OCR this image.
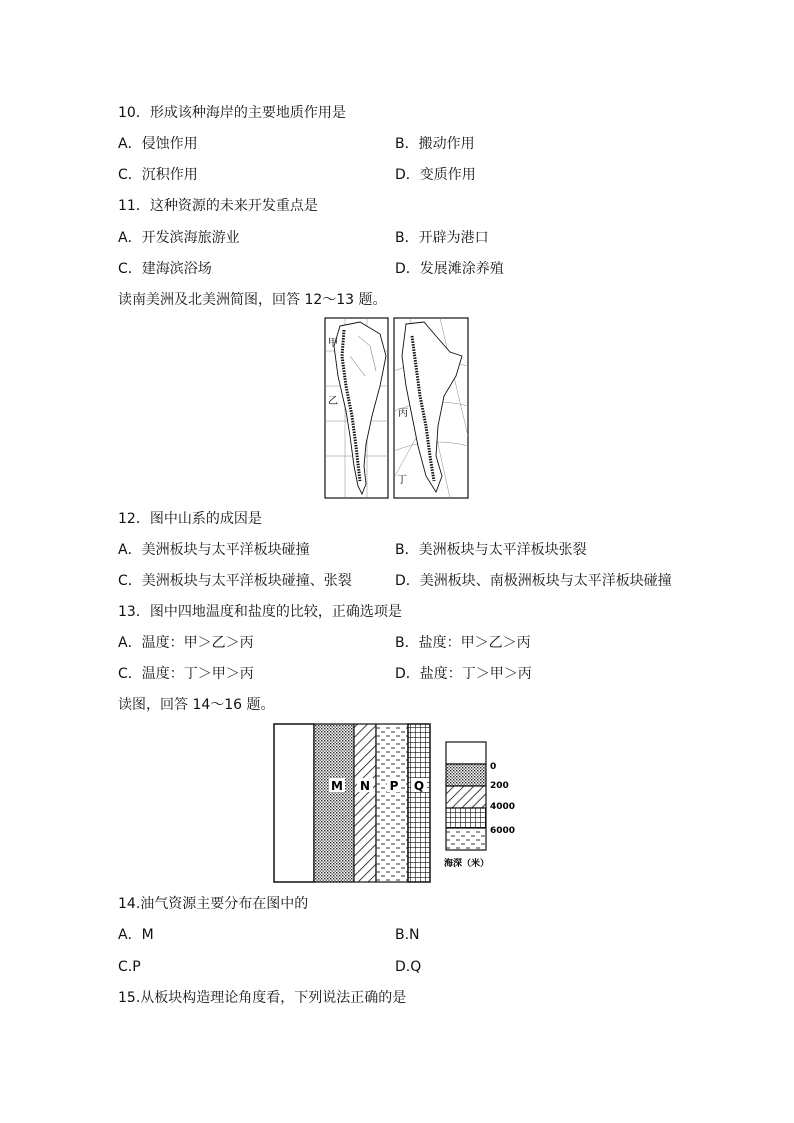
10．形成该种海岸的主要地质作用是
A．侵蚀作用	B．搬动作用
C．沉积作用	D．变质作用
11．这种资源的未来开发重点是
A．开发滨海旅游业	B．开辟为港口
C．建海滨浴场	D．发展滩涂养殖
读南美洲及北美洲简图，回答 12～13 题。
甲
乙
丙
丁
12．图中山系的成因是
A．美洲板块与太平洋板块碰撞	B．美洲板块与太平洋板块张裂
C．美洲板块与太平洋板块碰撞、张裂	D．美洲板块、南极洲板块与太平洋板块碰撞
13．图中四地温度和盐度的比较，正确选项是
A．温度：甲＞乙＞丙	B．盐度：甲＞乙＞丙
C．温度：丁＞甲＞丙	D．盐度：丁＞甲＞丙
读图，回答 14～16 题。
M N P Q
0
200
4000
6000
海深（米）
14.油气资源主要分布在图中的
A．M	B.N
C.P	D.Q
15.从板块构造理论角度看，下列说法正确的是
